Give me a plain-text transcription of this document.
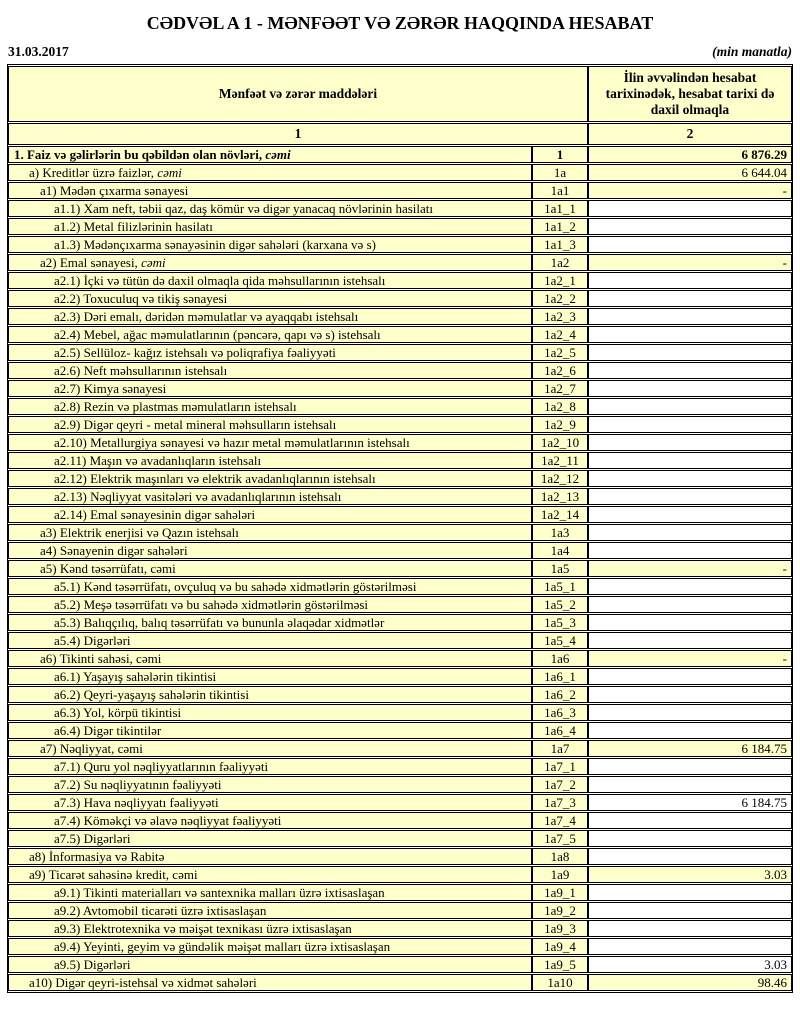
CƏDVƏL A 1 - MƏNFƏƏT VƏ ZƏRƏR HAQQINDA HESABAT
31.03.2017	(min manatla)
Mənfəət və zərər maddələri		İlin əvvəlindən hesabat tarixinədək, hesabat tarixi də daxil olmaqla
1		2
1. Faiz və gəlirlərin bu qəbildən olan növləri, cəmi	1	6 876.29
a) Kreditlər üzrə faizlər, cəmi	1a	6 644.04
a1) Mədən çıxarma sənayesi	1a1	-
a1.1) Xam neft, təbii qaz, daş kömür və digər yanacaq növlərinin hasilatı	1a1_1	
a1.2) Metal filizlərinin hasilatı	1a1_2	
a1.3) Mədənçıxarma sənayəsinin digər sahələri (karxana və s)	1a1_3	
a2) Emal sənayesi, cəmi	1a2	-
a2.1) İçki və tütün də daxil olmaqla qida məhsullarının istehsalı	1a2_1	
a2.2) Toxuculuq və tikiş sənayesi	1a2_2	
a2.3) Dəri emalı, dəridən məmulatlar və ayaqqabı istehsalı	1a2_3	
a2.4) Mebel, ağac məmulatlarının (pəncərə, qapı və s) istehsalı	1a2_4	
a2.5) Sellüloz- kağız istehsalı və poliqrafiya fəaliyyəti	1a2_5	
a2.6) Neft məhsullarının istehsalı	1a2_6	
a2.7) Kimya sənayesi	1a2_7	
a2.8) Rezin və plastmas məmulatların istehsalı	1a2_8	
a2.9) Digər qeyri - metal mineral məhsulların istehsalı	1a2_9	
a2.10) Metallurgiya sənayesi və hazır metal məmulatlarının istehsalı	1a2_10	
a2.11) Maşın və avadanlıqların istehsalı	1a2_11	
a2.12) Elektrik maşınları və elektrik avadanlıqlarının istehsalı	1a2_12	
a2.13) Nəqliyyat vasitələri və avadanlıqlarının istehsalı	1a2_13	
a2.14) Emal sənayesinin digər sahələri	1a2_14	
a3) Elektrik enerjisi və Qazın istehsalı	1a3	
a4) Sənayenin digər sahələri	1a4	
a5) Kənd təsərrüfatı, cəmi	1a5	-
a5.1) Kənd təsərrüfatı, ovçuluq və bu sahədə xidmətlərin göstərilməsi	1a5_1	
a5.2) Meşə təsərrüfatı və bu sahədə xidmətlərin göstərilməsi	1a5_2	
a5.3) Balıqçılıq, balıq təsərrüfatı və bununla əlaqədar xidmətlər	1a5_3	
a5.4) Digərləri	1a5_4	
a6) Tikinti sahəsi, cəmi	1a6	-
a6.1) Yaşayış sahələrin tikintisi	1a6_1	
a6.2) Qeyri-yaşayış sahələrin tikintisi	1a6_2	
a6.3) Yol, körpü tikintisi	1a6_3	
a6.4) Digər tikintilər	1a6_4	
a7) Nəqliyyat, cəmi	1a7	6 184.75
a7.1) Quru yol nəqliyyatlarının fəaliyyəti	1a7_1	
a7.2) Su nəqliyyatının fəaliyyəti	1a7_2	
a7.3) Hava nəqliyyatı fəaliyyəti	1a7_3	6 184.75
a7.4) Köməkçi və əlavə nəqliyyat fəaliyyəti	1a7_4	
a7.5) Digərləri	1a7_5	
a8) İnformasiya və Rabitə	1a8	
a9) Ticarət sahəsinə kredit, cəmi	1a9	3.03
a9.1) Tikinti materialları və santexnika malları üzrə ixtisaslaşan	1a9_1	
a9.2) Avtomobil ticarəti üzrə ixtisaslaşan	1a9_2	
a9.3) Elektrotexnika və məişət texnikası üzrə ixtisaslaşan	1a9_3	
a9.4) Yeyinti, geyim və gündəlik məişət malları üzrə ixtisaslaşan	1a9_4	
a9.5) Digərləri	1a9_5	3.03
a10) Digər qeyri-istehsal və xidmət sahələri	1a10	98.46
